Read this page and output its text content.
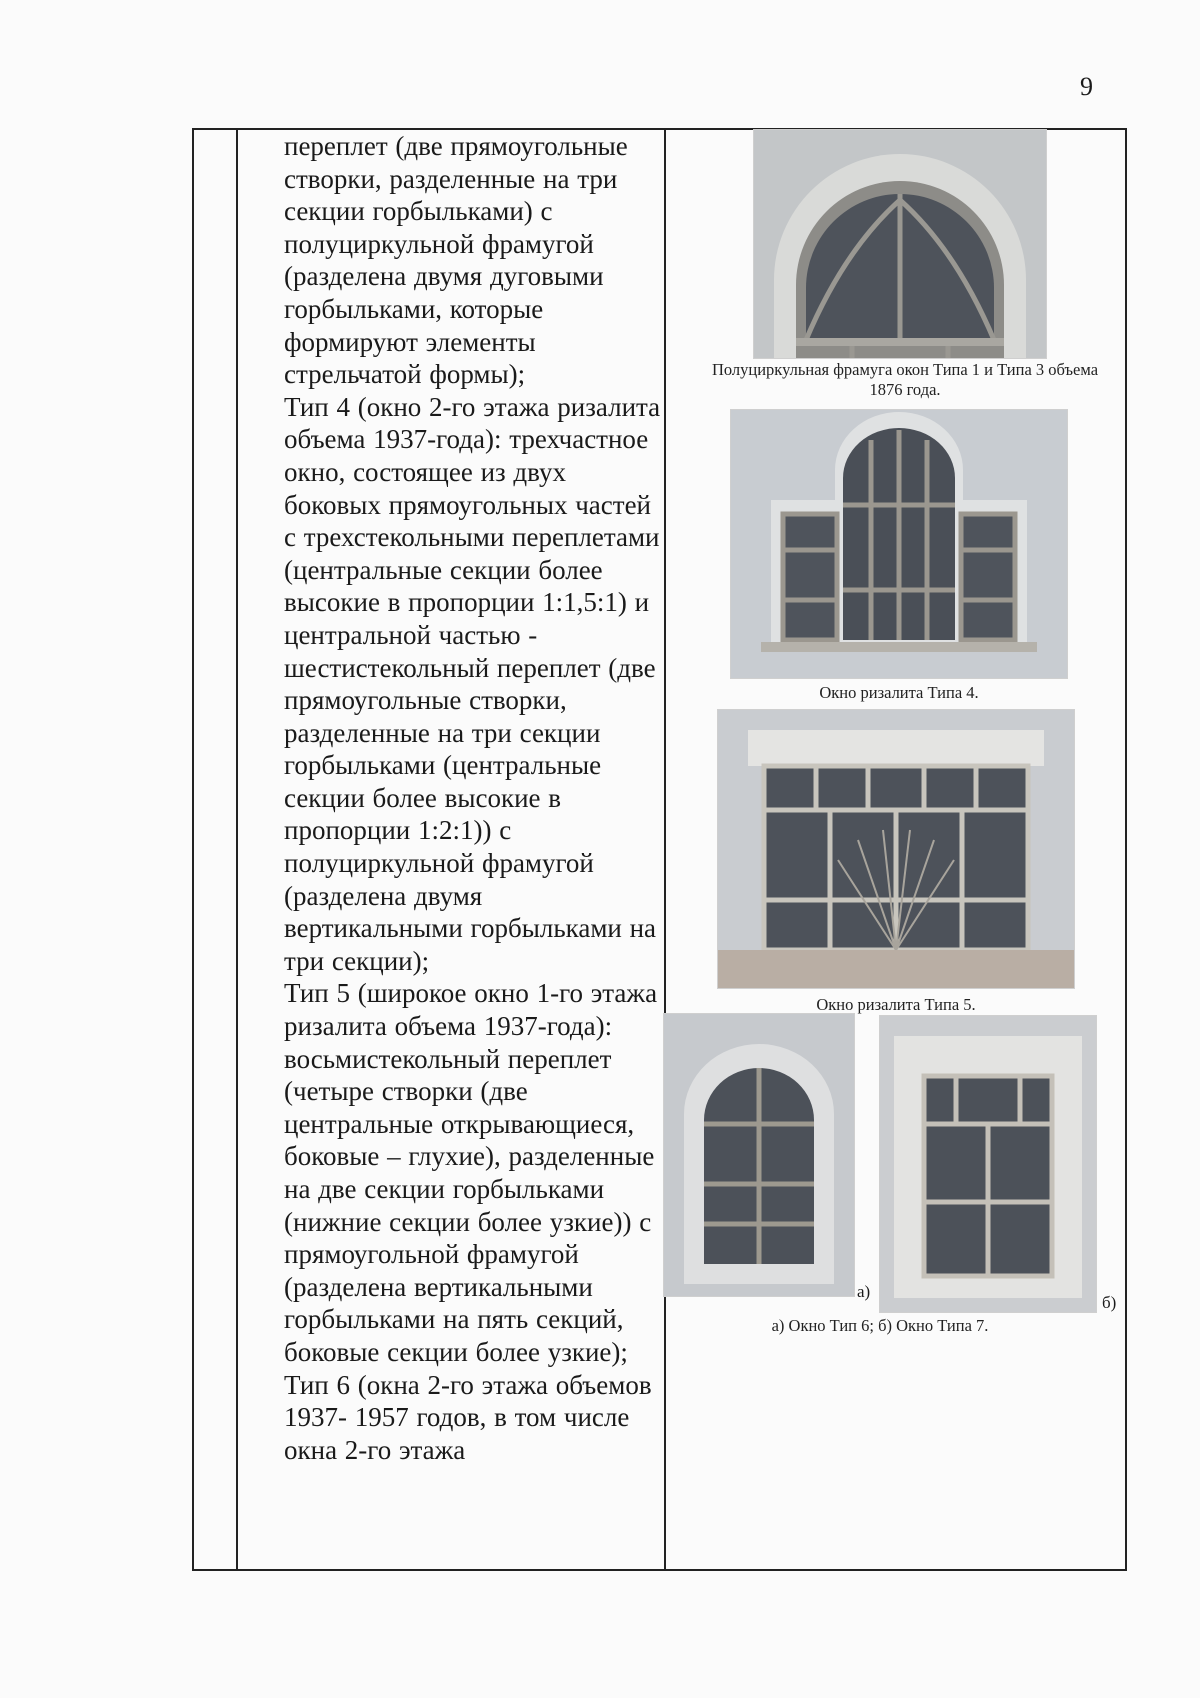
9

переплет (две прямоугольные створки, разделенные на три секции горбыльками) с полуциркульной фрамугой (разделена двумя дуговыми горбыльками, которые формируют элементы стрельчатой формы);

Тип 4 (окно 2-го этажа ризалита объема 1937-года): трехчастное окно, состоящее из двух боковых прямоугольных частей с трехстекольными переплетами (центральные секции более высокие в пропорции 1:1,5:1) и центральной частью - шестистекольный переплет (две прямоугольные створки, разделенные на три секции горбыльками (центральные секции более высокие в пропорции 1:2:1)) с полуциркульной фрамугой (разделена двумя вертикальными горбыльками на три секции);

Тип 5 (широкое окно 1-го этажа ризалита объема 1937-года): восьмистекольный переплет (четыре створки (две центральные открывающиеся, боковые – глухие), разделенные на две секции горбыльками (нижние секции более узкие)) с прямоугольной фрамугой (разделена вертикальными горбыльками на пять секций, боковые секции более узкие);

Тип 6 (окна 2-го этажа объемов 1937- 1957 годов, в том числе окна 2-го этажа

Полуциркульная фрамуга окон Типа 1 и Типа 3 объема 1876 года.
Окно ризалита Типа 4.
Окно ризалита Типа 5.
а)
б)
а) Окно Тип 6; б) Окно Типа 7.
